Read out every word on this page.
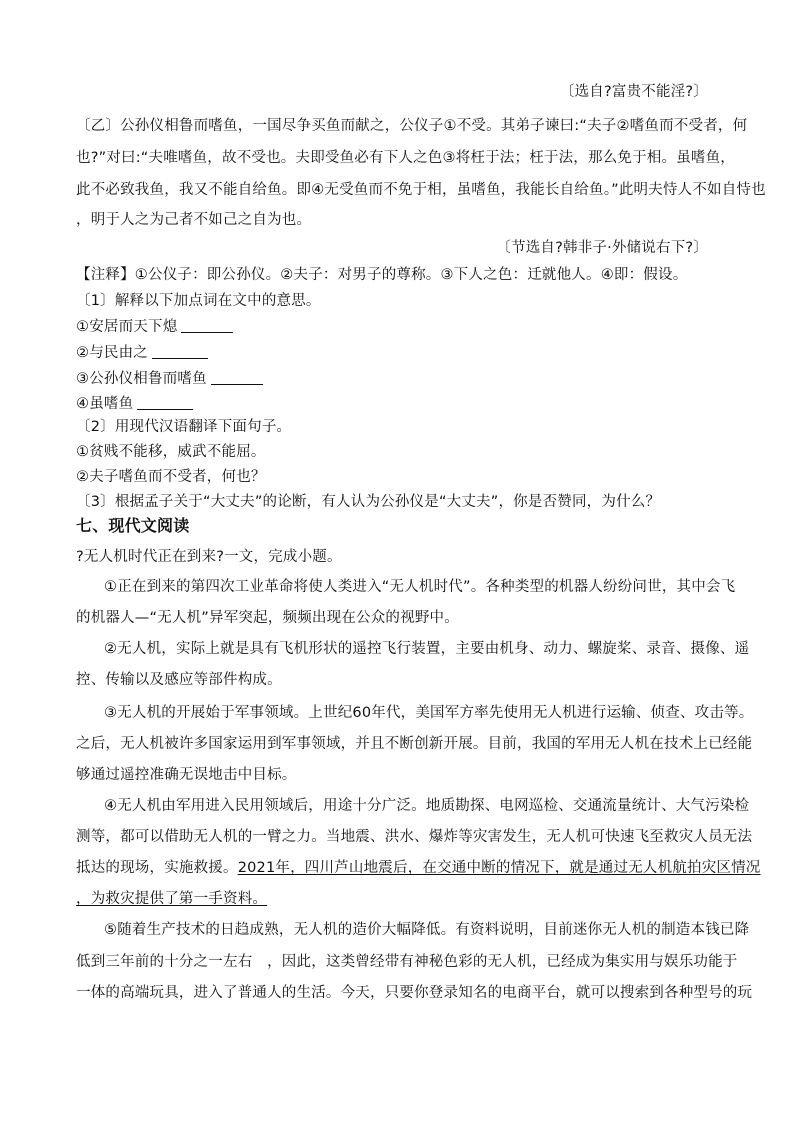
〔选自?富贵不能淫?〕
〔乙〕公孙仪相鲁而嗜鱼，一国尽争买鱼而献之，公仪子①不受。其弟子谏曰:“夫子②嗜鱼而不受者，何
也?”对曰:“夫唯嗜鱼，故不受也。夫即受鱼必有下人之色③将枉于法；枉于法，那么免于相。虽嗜鱼，
此不必致我鱼，我又不能自给鱼。即④无受鱼而不免于相，虽嗜鱼，我能长自给鱼。”此明夫恃人不如自恃也
，明于人之为己者不如己之自为也。
〔节选自?韩非子·外储说右下?〕
【注释】①公仪子：即公孙仪。②夫子：对男子的尊称。③下人之色：迁就他人。④即：假设。
〔1〕解释以下加点词在文中的意思。
①安居而天下熄
②与民由之
③公孙仪相鲁而嗜鱼
④虽嗜鱼
〔2〕用现代汉语翻译下面句子。
①贫贱不能移，威武不能屈。
②夫子嗜鱼而不受者，何也？
〔3〕根据孟子关于“大丈夫”的论断，有人认为公孙仪是“大丈夫”，你是否赞同，为什么？
七、现代文阅读
?无人机时代正在到来?一文，完成小题。
①正在到来的第四次工业革命将使人类进入“无人机时代”。各种类型的机器人纷纷问世，其中会飞
的机器人—“无人机”异军突起，频频出现在公众的视野中。
②无人机，实际上就是具有飞机形状的遥控飞行装置，主要由机身、动力、螺旋桨、录音、摄像、遥
控、传输以及感应等部件构成。
③无人机的开展始于军事领域。上世纪60年代，美国军方率先使用无人机进行运输、侦查、攻击等。
之后，无人机被许多国家运用到军事领域，并且不断创新开展。目前，我国的军用无人机在技术上已经能
够通过遥控准确无误地击中目标。
④无人机由军用进入民用领域后，用途十分广泛。地质勘探、电网巡检、交通流量统计、大气污染检
测等，都可以借助无人机的一臂之力。当地震、洪水、爆炸等灾害发生，无人机可快速飞至救灾人员无法
抵达的现场，实施救援。2021年，四川芦山地震后，在交通中断的情况下，就是通过无人机航拍灾区情况
，为救灾提供了第一手资料。
⑤随着生产技术的日趋成熟，无人机的造价大幅降低。有资料说明，目前迷你无人机的制造本钱已降
低到三年前的十分之一左右　，因此，这类曾经带有神秘色彩的无人机，已经成为集实用与娱乐功能于
一体的高端玩具，进入了普通人的生活。今天，只要你登录知名的电商平台，就可以搜索到各种型号的玩
